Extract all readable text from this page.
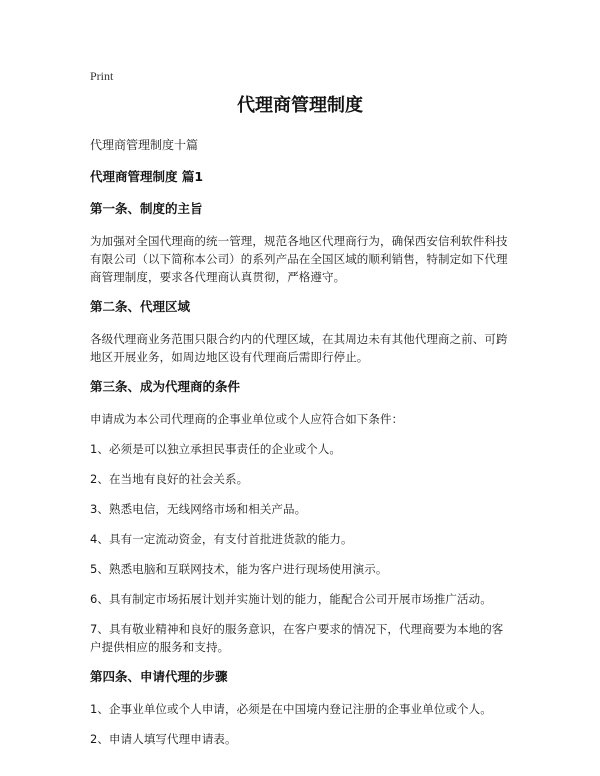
Print
代理商管理制度
代理商管理制度十篇
代理商管理制度 篇1
第一条、制度的主旨
为加强对全国代理商的统一管理，规范各地区代理商行为，确保西安信利软件科技有限公司（以下简称本公司）的系列产品在全国区域的顺利销售，特制定如下代理商管理制度，要求各代理商认真贯彻，严格遵守。
第二条、代理区域
各级代理商业务范围只限合约内的代理区域，在其周边未有其他代理商之前、可跨地区开展业务，如周边地区设有代理商后需即行停止。
第三条、成为代理商的条件
申请成为本公司代理商的企事业单位或个人应符合如下条件：
1、必须是可以独立承担民事责任的企业或个人。
2、在当地有良好的社会关系。
3、熟悉电信，无线网络市场和相关产品。
4、具有一定流动资金，有支付首批进货款的能力。
5、熟悉电脑和互联网技术，能为客户进行现场使用演示。
6、具有制定市场拓展计划并实施计划的能力，能配合公司开展市场推广活动。
7、具有敬业精神和良好的服务意识，在客户要求的情况下，代理商要为本地的客户提供相应的服务和支持。
第四条、申请代理的步骤
1、企事业单位或个人申请，必须是在中国境内登记注册的企事业单位或个人。
2、申请人填写代理申请表。
